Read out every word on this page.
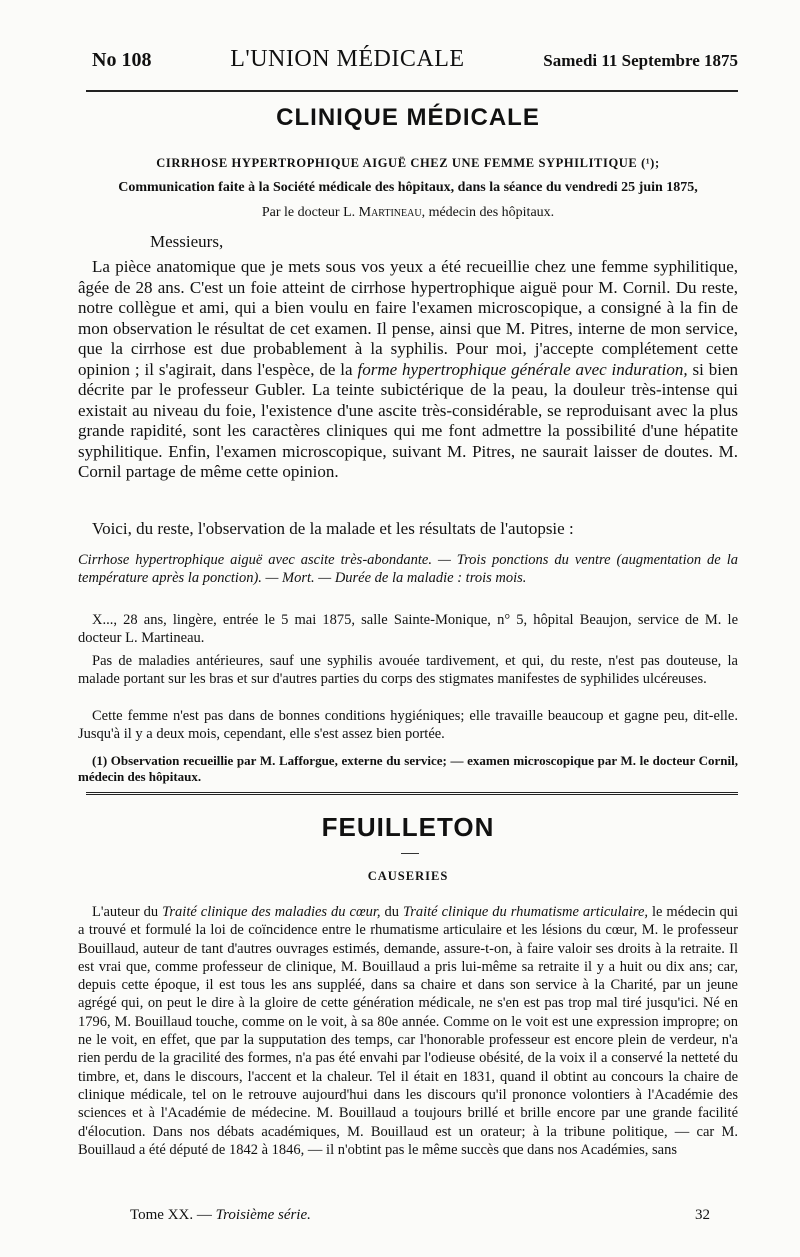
No 108	L'UNION MÉDICALE	Samedi 11 Septembre 1875
CLINIQUE MÉDICALE
CIRRHOSE HYPERTROPHIQUE AIGUË CHEZ UNE FEMME SYPHILITIQUE (¹);
Communication faite à la Société médicale des hôpitaux, dans la séance du vendredi 25 juin 1875,
Par le docteur L. Martineau, médecin des hôpitaux.

Messieurs,

La pièce anatomique que je mets sous vos yeux a été recueillie chez une femme syphilitique, âgée de 28 ans. C'est un foie atteint de cirrhose hypertrophique aiguë pour M. Cornil. Du reste, notre collègue et ami, qui a bien voulu en faire l'examen microscopique, a consigné à la fin de mon observation le résultat de cet examen. Il pense, ainsi que M. Pitres, interne de mon service, que la cirrhose est due probablement à la syphilis. Pour moi, j'accepte complétement cette opinion ; il s'agirait, dans l'espèce, de la forme hypertrophique générale avec induration, si bien décrite par le professeur Gubler. La teinte subictérique de la peau, la douleur très-intense qui existait au niveau du foie, l'existence d'une ascite très-considérable, se reproduisant avec la plus grande rapidité, sont les caractères cliniques qui me font admettre la possibilité d'une hépatite syphilitique. Enfin, l'examen microscopique, suivant M. Pitres, ne saurait laisser de doutes. M. Cornil partage de même cette opinion.

Voici, du reste, l'observation de la malade et les résultats de l'autopsie :

Cirrhose hypertrophique aiguë avec ascite très-abondante. — Trois ponctions du ventre (augmentation de la température après la ponction). — Mort. — Durée de la maladie : trois mois.

X..., 28 ans, lingère, entrée le 5 mai 1875, salle Sainte-Monique, n° 5, hôpital Beaujon, service de M. le docteur L. Martineau.

Pas de maladies antérieures, sauf une syphilis avouée tardivement, et qui, du reste, n'est pas douteuse, la malade portant sur les bras et sur d'autres parties du corps des stigmates manifestes de syphilides ulcéreuses.

Cette femme n'est pas dans de bonnes conditions hygiéniques; elle travaille beaucoup et gagne peu, dit-elle. Jusqu'à il y a deux mois, cependant, elle s'est assez bien portée.

(1) Observation recueillie par M. Lafforgue, externe du service; — examen microscopique par M. le docteur Cornil, médecin des hôpitaux.

FEUILLETON
CAUSERIES

L'auteur du Traité clinique des maladies du cœur, du Traité clinique du rhumatisme articulaire, le médecin qui a trouvé et formulé la loi de coïncidence entre le rhumatisme articulaire et les lésions du cœur, M. le professeur Bouillaud, auteur de tant d'autres ouvrages estimés, demande, assure-t-on, à faire valoir ses droits à la retraite. Il est vrai que, comme professeur de clinique, M. Bouillaud a pris lui-même sa retraite il y a huit ou dix ans; car, depuis cette époque, il est tous les ans suppléé, dans sa chaire et dans son service à la Charité, par un jeune agrégé qui, on peut le dire à la gloire de cette génération médicale, ne s'en est pas trop mal tiré jusqu'ici. Né en 1796, M. Bouillaud touche, comme on le voit, à sa 80e année. Comme on le voit est une expression impropre; on ne le voit, en effet, que par la supputation des temps, car l'honorable professeur est encore plein de verdeur, n'a rien perdu de la gracilité des formes, n'a pas été envahi par l'odieuse obésité, de la voix il a conservé la netteté du timbre, et, dans le discours, l'accent et la chaleur. Tel il était en 1831, quand il obtint au concours la chaire de clinique médicale, tel on le retrouve aujourd'hui dans les discours qu'il prononce volontiers à l'Académie des sciences et à l'Académie de médecine. M. Bouillaud a toujours brillé et brille encore par une grande facilité d'élocution. Dans nos débats académiques, M. Bouillaud est un orateur; à la tribune politique, — car M. Bouillaud a été député de 1842 à 1846, — il n'obtint pas le même succès que dans nos Académies, sans

Tome XX. — Troisième série.	32
